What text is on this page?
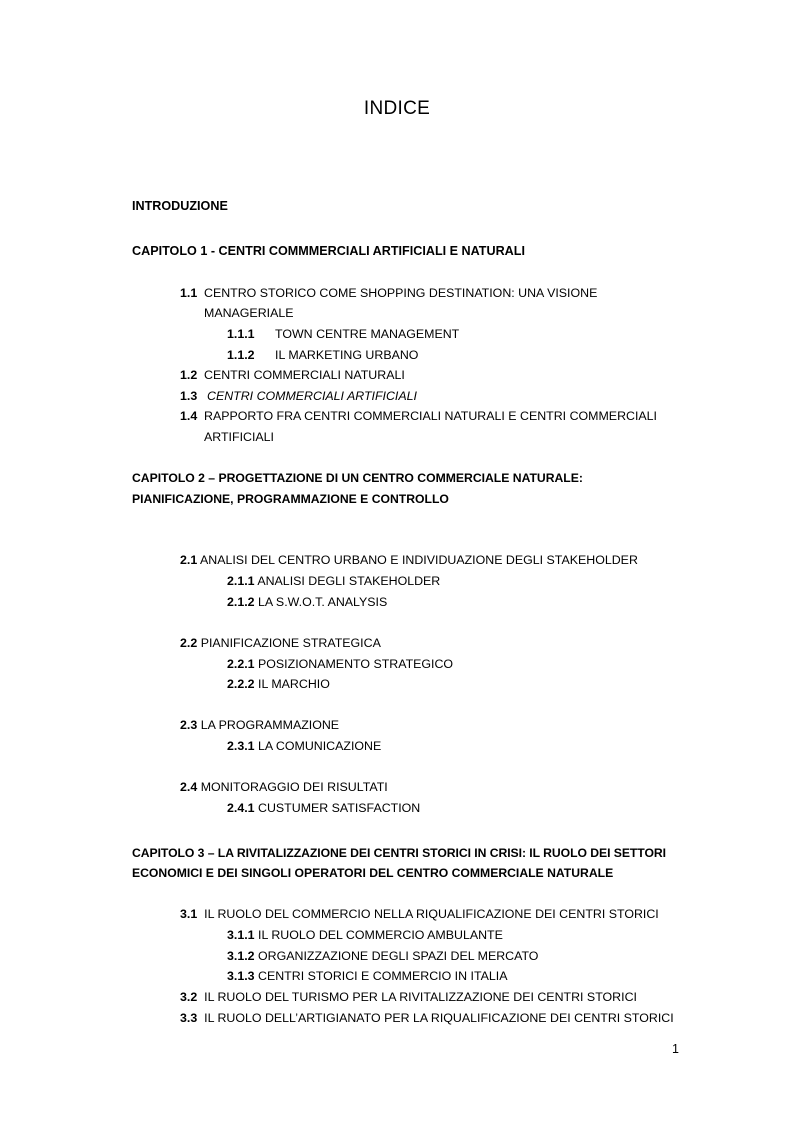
INDICE
INTRODUZIONE
CAPITOLO 1 - CENTRI COMMMERCIALI ARTIFICIALI E NATURALI
1.1 CENTRO STORICO COME SHOPPING DESTINATION: UNA VISIONE
MANAGERIALE
1.1.1 TOWN CENTRE MANAGEMENT
1.1.2 IL MARKETING URBANO
1.2 CENTRI COMMERCIALI NATURALI
1.3 CENTRI COMMERCIALI ARTIFICIALI
1.4 RAPPORTO FRA CENTRI COMMERCIALI NATURALI E CENTRI COMMERCIALI
ARTIFICIALI
CAPITOLO 2 – PROGETTAZIONE DI UN CENTRO COMMERCIALE NATURALE:
PIANIFICAZIONE, PROGRAMMAZIONE E CONTROLLO
2.1 ANALISI DEL CENTRO URBANO E INDIVIDUAZIONE DEGLI STAKEHOLDER
2.1.1 ANALISI DEGLI STAKEHOLDER
2.1.2 LA S.W.O.T. ANALYSIS
2.2 PIANIFICAZIONE STRATEGICA
2.2.1 POSIZIONAMENTO STRATEGICO
2.2.2 IL MARCHIO
2.3 LA PROGRAMMAZIONE
2.3.1 LA COMUNICAZIONE
2.4 MONITORAGGIO DEI RISULTATI
2.4.1 CUSTUMER SATISFACTION
CAPITOLO 3 – LA RIVITALIZZAZIONE DEI CENTRI STORICI IN CRISI: IL RUOLO DEI SETTORI
ECONOMICI E DEI SINGOLI OPERATORI DEL CENTRO COMMERCIALE NATURALE
3.1 IL RUOLO DEL COMMERCIO NELLA RIQUALIFICAZIONE DEI CENTRI STORICI
3.1.1 IL RUOLO DEL COMMERCIO AMBULANTE
3.1.2 ORGANIZZAZIONE DEGLI SPAZI DEL MERCATO
3.1.3 CENTRI STORICI E COMMERCIO IN ITALIA
3.2 IL RUOLO DEL TURISMO PER LA RIVITALIZZAZIONE DEI CENTRI STORICI
3.3 IL RUOLO DELL’ARTIGIANATO PER LA RIQUALIFICAZIONE DEI CENTRI STORICI
1
